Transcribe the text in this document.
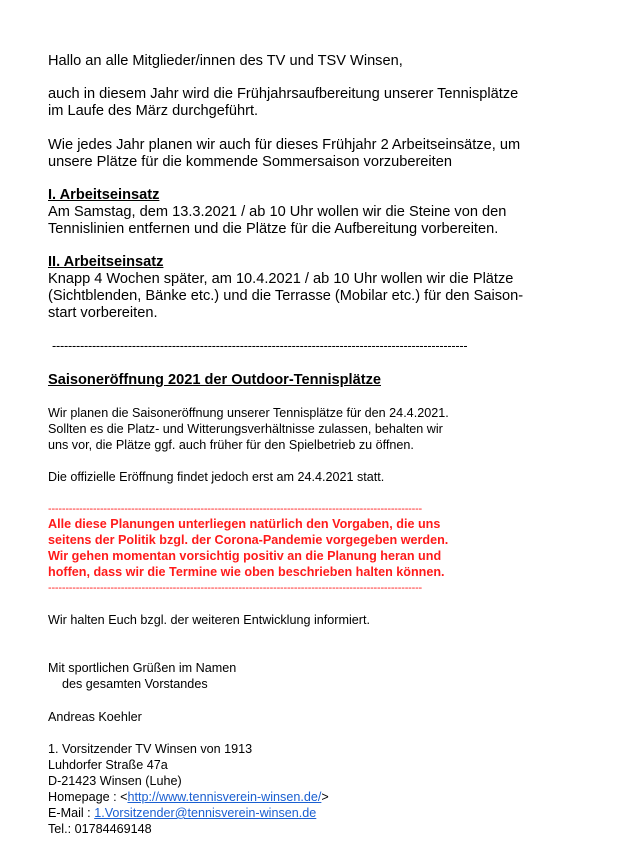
Hallo an alle Mitglieder/innen des TV und TSV Winsen,
auch in diesem Jahr wird die Frühjahrsaufbereitung unserer Tennisplätze
im Laufe des März durchgeführt.
Wie jedes Jahr planen wir auch für dieses Frühjahr 2 Arbeitseinsätze, um
unsere Plätze für die kommende Sommersaison vorzubereiten
I. Arbeitseinsatz
Am Samstag, dem 13.3.2021 / ab 10 Uhr wollen wir die Steine von den
Tennislinien entfernen und die Plätze für die Aufbereitung vorbereiten.
II. Arbeitseinsatz
Knapp 4 Wochen später, am 10.4.2021 / ab 10 Uhr wollen wir die Plätze
(Sichtblenden, Bänke etc.) und die Terrasse (Mobilar etc.) für den Saison-
start vorbereiten.
--------------------------------------------------------------------------------------------------------
Saisoneröffnung 2021 der Outdoor-Tennisplätze
Wir planen die Saisoneröffnung unserer Tennisplätze für den 24.4.2021.
Sollten es die Platz- und Witterungsverhältnisse zulassen, behalten wir
uns vor, die Plätze ggf. auch früher für den Spielbetrieb zu öffnen.
Die offizielle Eröffnung findet jedoch erst am 24.4.2021 statt.
------------------------------------------------------------------------------------------------------------
Alle diese Planungen unterliegen natürlich den Vorgaben, die uns
seitens der Politik bzgl. der Corona-Pandemie vorgegeben werden.
Wir gehen momentan vorsichtig positiv an die Planung heran und
hoffen, dass wir die Termine wie oben beschrieben halten können.
------------------------------------------------------------------------------------------------------------
Wir halten Euch bzgl. der weiteren Entwicklung informiert.
Mit sportlichen Grüßen im Namen
des gesamten Vorstandes
Andreas Koehler
1. Vorsitzender TV Winsen von 1913
Luhdorfer Straße 47a
D-21423 Winsen (Luhe)
Homepage : <http://www.tennisverein-winsen.de/>
E-Mail : 1.Vorsitzender@tennisverein-winsen.de
Tel.: 01784469148
